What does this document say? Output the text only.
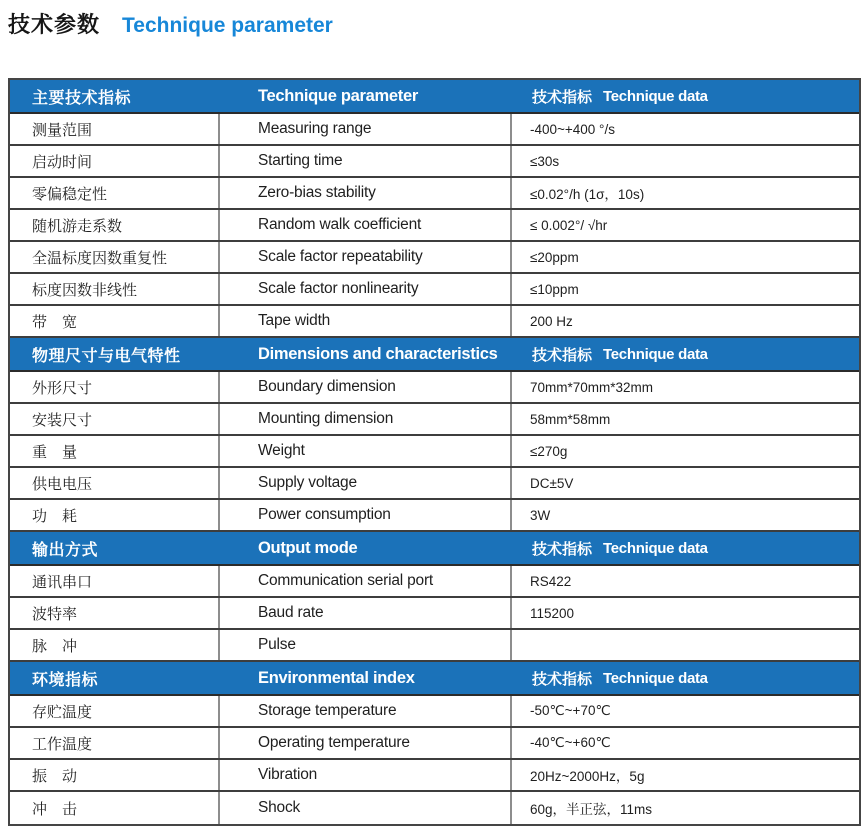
技术参数 Technique parameter
主要技术指标	Technique parameter	技术指标 Technique data
测量范围	Measuring range	-400~+400 °/s
启动时间	Starting time	≤30s
零偏稳定性	Zero-bias stability	≤0.02°/h (1σ，10s)
随机游走系数	Random walk coefficient	≤ 0.002°/ √hr
全温标度因数重复性	Scale factor repeatability	≤20ppm
标度因数非线性	Scale factor nonlinearity	≤10ppm
带　宽	Tape width	200 Hz
物理尺寸与电气特性	Dimensions and characteristics 技术指标 Technique data
外形尺寸	Boundary dimension	70mm*70mm*32mm
安装尺寸	Mounting dimension	58mm*58mm
重　量	Weight	≤270g
供电电压	Supply voltage	DC±5V
功　耗	Power consumption	3W
输出方式	Output mode	技术指标 Technique data
通讯串口	Communication serial port	RS422
波特率	Baud rate	115200
脉　冲	Pulse
环境指标	Environmental index	技术指标 Technique data
存贮温度	Storage temperature	-50℃~+70℃
工作温度	Operating temperature	-40℃~+60℃
振　动	Vibration	20Hz~2000Hz，5g
冲　击	Shock	60g，半正弦，11ms
